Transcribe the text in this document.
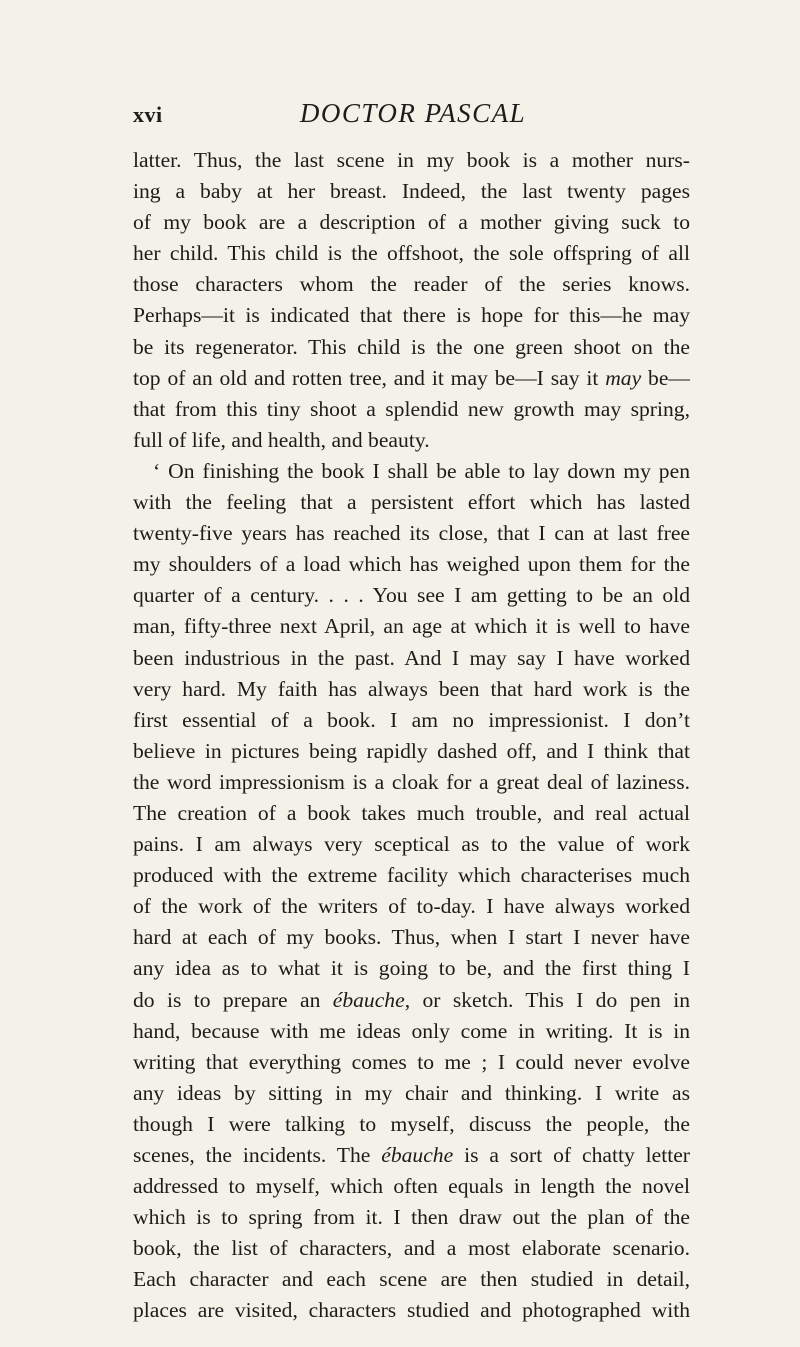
xvi	DOCTOR PASCAL
latter. Thus, the last scene in my book is a mother nurs-
ing a baby at her breast. Indeed, the last twenty pages
of my book are a description of a mother giving suck to
her child. This child is the offshoot, the sole offspring of all
those characters whom the reader of the series knows.
Perhaps—it is indicated that there is hope for this—he may
be its regenerator. This child is the one green shoot on the
top of an old and rotten tree, and it may be—I say it may be—
that from this tiny shoot a splendid new growth may spring,
full of life, and health, and beauty.
‘ On finishing the book I shall be able to lay down my pen
with the feeling that a persistent effort which has lasted
twenty-five years has reached its close, that I can at last free
my shoulders of a load which has weighed upon them for the
quarter of a century. . . . You see I am getting to be an old
man, fifty-three next April, an age at which it is well to have
been industrious in the past. And I may say I have worked
very hard. My faith has always been that hard work is the
first essential of a book. I am no impressionist. I don’t
believe in pictures being rapidly dashed off, and I think that
the word impressionism is a cloak for a great deal of laziness.
The creation of a book takes much trouble, and real actual
pains. I am always very sceptical as to the value of work
produced with the extreme facility which characterises much
of the work of the writers of to-day. I have always worked
hard at each of my books. Thus, when I start I never have
any idea as to what it is going to be, and the first thing I
do is to prepare an ébauche, or sketch. This I do pen in
hand, because with me ideas only come in writing. It is in
writing that everything comes to me ; I could never evolve
any ideas by sitting in my chair and thinking. I write as
though I were talking to myself, discuss the people, the
scenes, the incidents. The ébauche is a sort of chatty letter
addressed to myself, which often equals in length the novel
which is to spring from it. I then draw out the plan of the
book, the list of characters, and a most elaborate scenario.
Each character and each scene are then studied in detail,
places are visited, characters studied and photographed with
